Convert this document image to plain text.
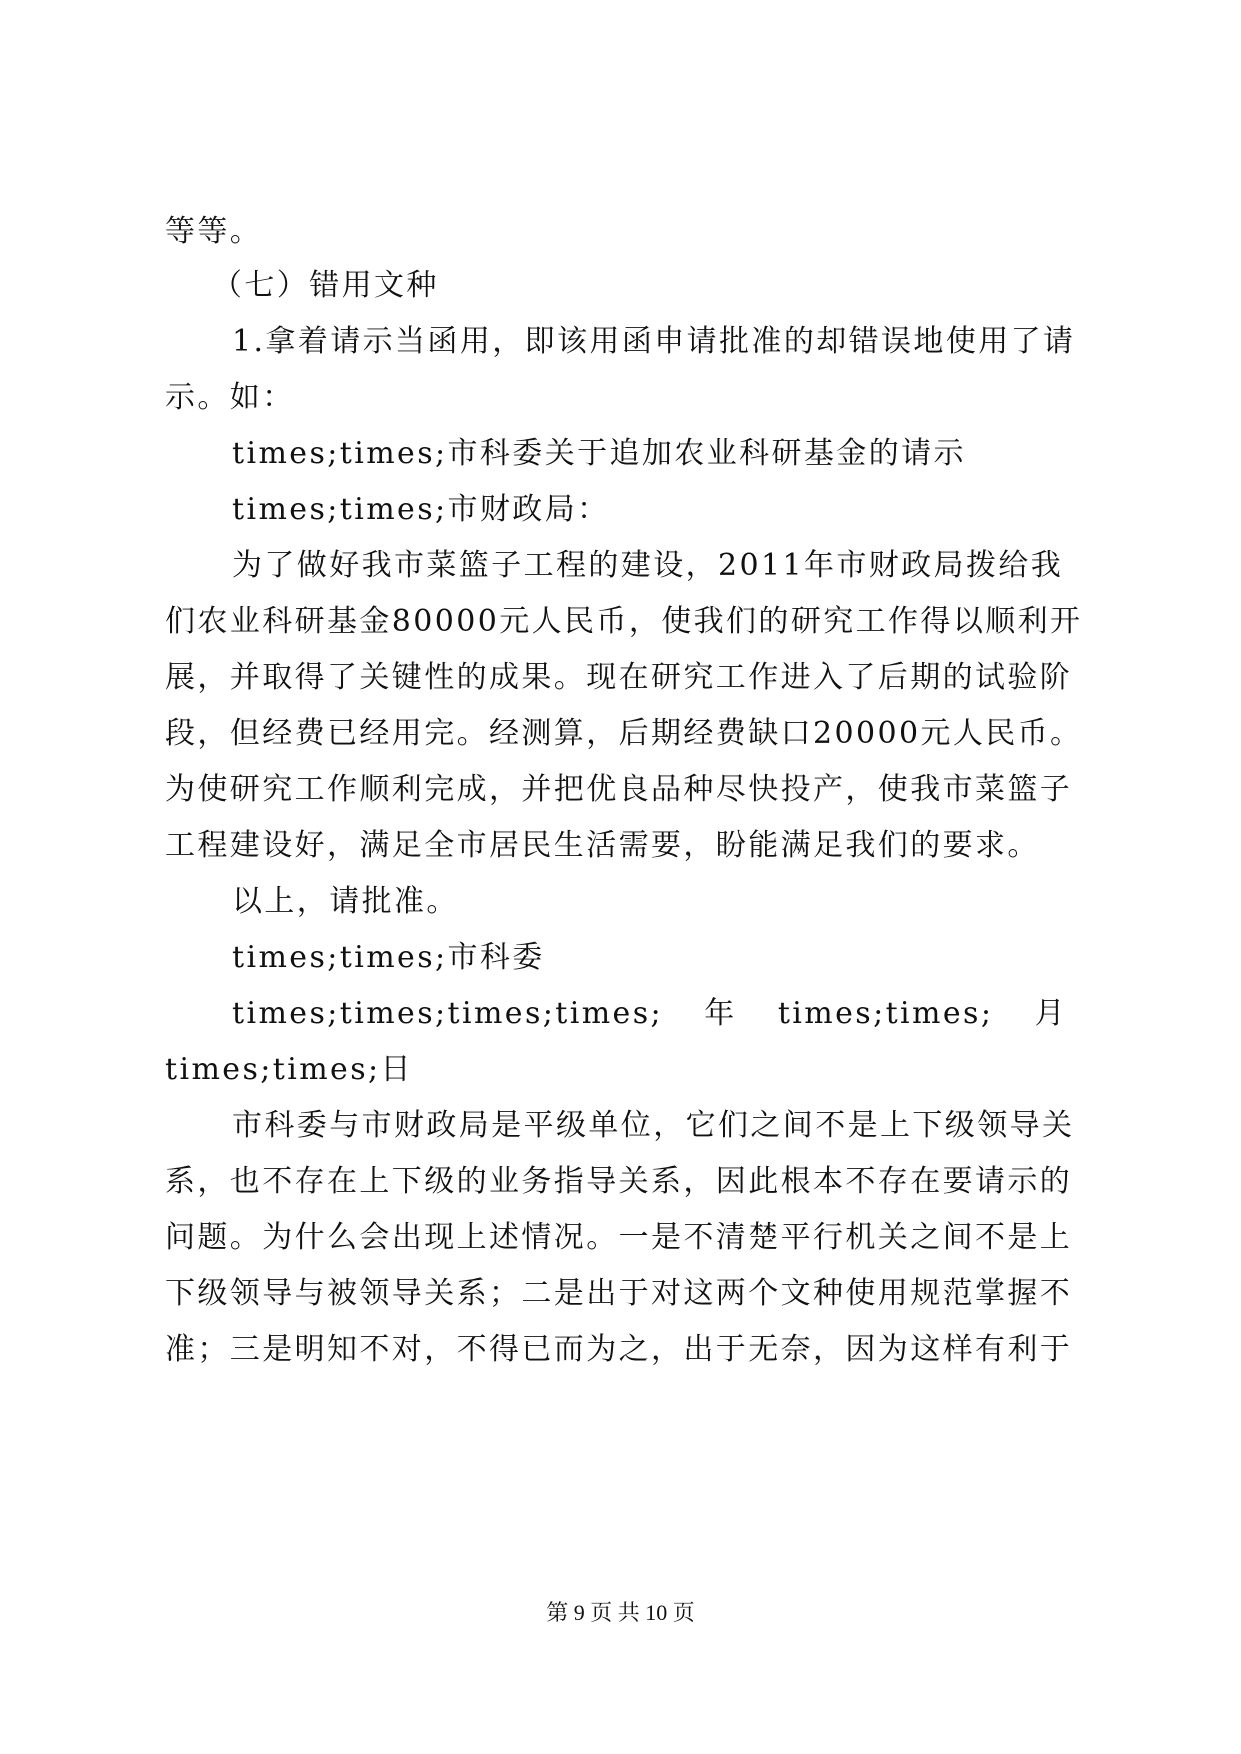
等等。
（七）错用文种
1.拿着请示当函用，即该用函申请批准的却错误地使用了请
示。如：
times;times;市科委关于追加农业科研基金的请示
times;times;市财政局：
为了做好我市菜篮子工程的建设，2011年市财政局拨给我
们农业科研基金80000元人民币，使我们的研究工作得以顺利开
展，并取得了关键性的成果。现在研究工作进入了后期的试验阶
段，但经费已经用完。经测算，后期经费缺口20000元人民币。
为使研究工作顺利完成，并把优良品种尽快投产，使我市菜篮子
工程建设好，满足全市居民生活需要，盼能满足我们的要求。
以上，请批准。
times;times;市科委
times;times;times;times; 年 times;times; 月
times;times;日
市科委与市财政局是平级单位，它们之间不是上下级领导关
系，也不存在上下级的业务指导关系，因此根本不存在要请示的
问题。为什么会出现上述情况。一是不清楚平行机关之间不是上
下级领导与被领导关系；二是出于对这两个文种使用规范掌握不
准；三是明知不对，不得已而为之，出于无奈，因为这样有利于
第 9 页 共 10 页
